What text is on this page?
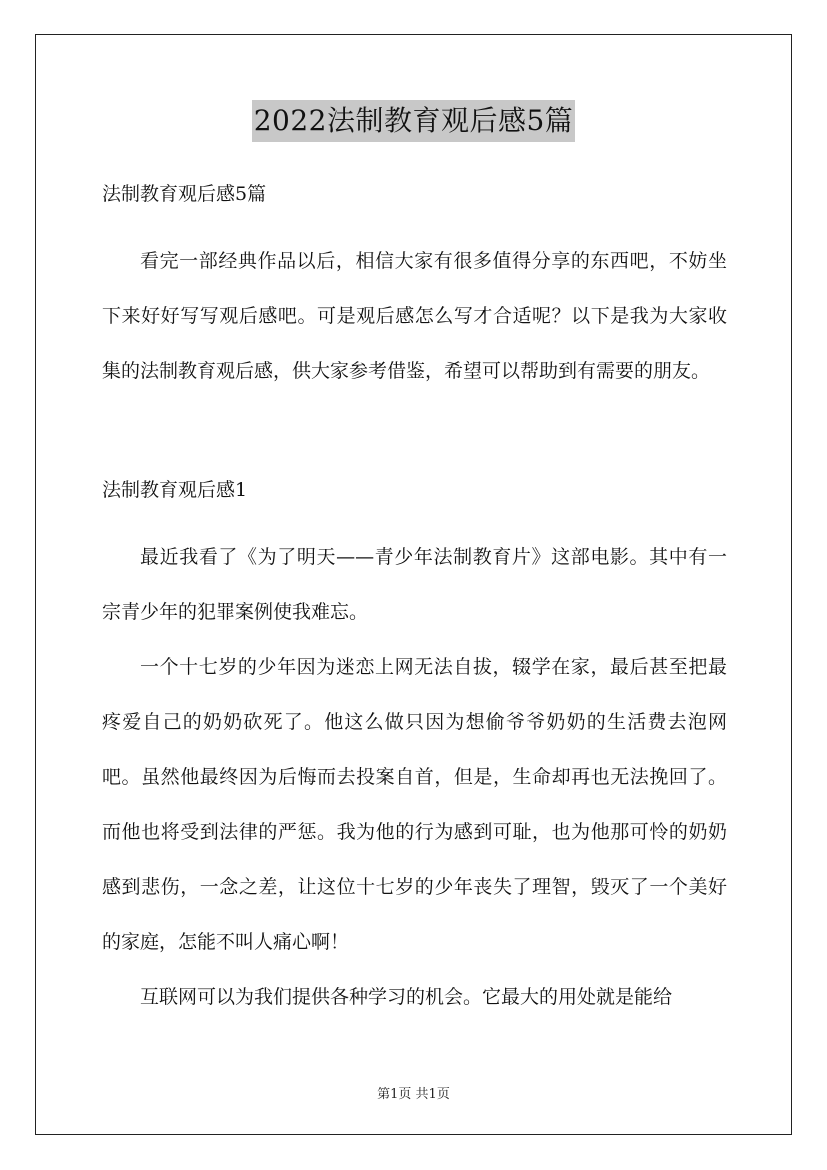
2022法制教育观后感5篇

法制教育观后感5篇

看完一部经典作品以后，相信大家有很多值得分享的东西吧，不妨坐下来好好写写观后感吧。可是观后感怎么写才合适呢？以下是我为大家收集的法制教育观后感，供大家参考借鉴，希望可以帮助到有需要的朋友。

法制教育观后感1

最近我看了《为了明天——青少年法制教育片》这部电影。其中有一宗青少年的犯罪案例使我难忘。

一个十七岁的少年因为迷恋上网无法自拔，辍学在家，最后甚至把最疼爱自己的奶奶砍死了。他这么做只因为想偷爷爷奶奶的生活费去泡网吧。虽然他最终因为后悔而去投案自首，但是，生命却再也无法挽回了。而他也将受到法律的严惩。我为他的行为感到可耻，也为他那可怜的奶奶感到悲伤，一念之差，让这位十七岁的少年丧失了理智，毁灭了一个美好的家庭，怎能不叫人痛心啊！

互联网可以为我们提供各种学习的机会。它最大的用处就是能给

第1页 共1页
